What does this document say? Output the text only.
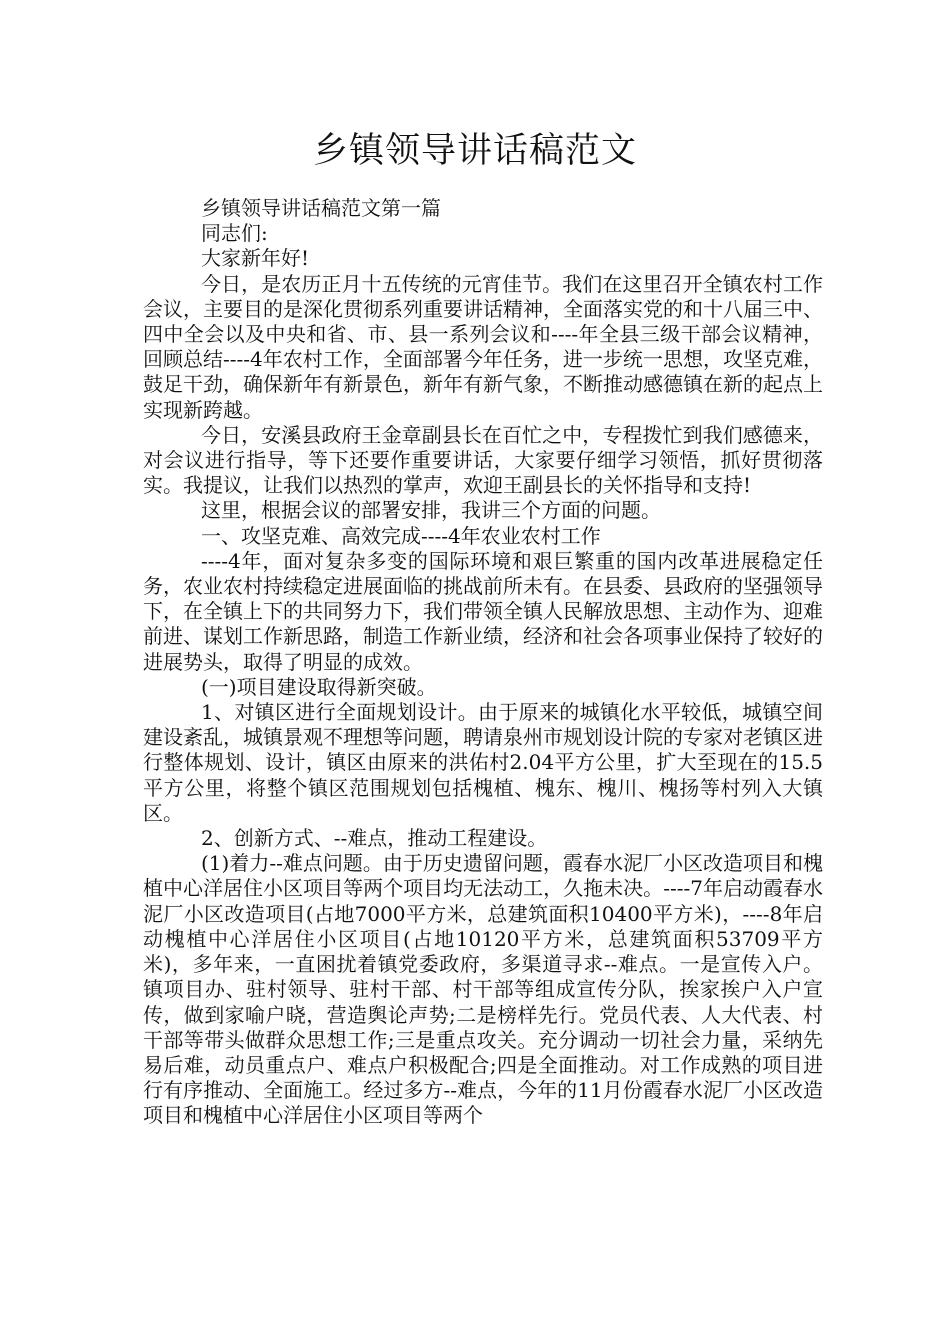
乡镇领导讲话稿范文

乡镇领导讲话稿范文第一篇

同志们:

大家新年好!

今日，是农历正月十五传统的元宵佳节。我们在这里召开全镇农村工作会议，主要目的是深化贯彻系列重要讲话精神，全面落实党的和十八届三中、四中全会以及中央和省、市、县一系列会议和----年全县三级干部会议精神，回顾总结----4年农村工作，全面部署今年任务，进一步统一思想，攻坚克难，鼓足干劲，确保新年有新景色，新年有新气象，不断推动感德镇在新的起点上实现新跨越。

今日，安溪县政府王金章副县长在百忙之中，专程拨忙到我们感德来，对会议进行指导，等下还要作重要讲话，大家要仔细学习领悟，抓好贯彻落实。我提议，让我们以热烈的掌声，欢迎王副县长的关怀指导和支持!

这里，根据会议的部署安排，我讲三个方面的问题。

一、攻坚克难、高效完成----4年农业农村工作

----4年，面对复杂多变的国际环境和艰巨繁重的国内改革进展稳定任务，农业农村持续稳定进展面临的挑战前所未有。在县委、县政府的坚强领导下，在全镇上下的共同努力下，我们带领全镇人民解放思想、主动作为、迎难前进、谋划工作新思路，制造工作新业绩，经济和社会各项事业保持了较好的进展势头，取得了明显的成效。

(一)项目建设取得新突破。

1、对镇区进行全面规划设计。由于原来的城镇化水平较低，城镇空间建设紊乱，城镇景观不理想等问题，聘请泉州市规划设计院的专家对老镇区进行整体规划、设计，镇区由原来的洪佑村2.04平方公里，扩大至现在的15.5平方公里，将整个镇区范围规划包括槐植、槐东、槐川、槐扬等村列入大镇区。

2、创新方式、--难点，推动工程建设。

(1)着力--难点问题。由于历史遗留问题，霞春水泥厂小区改造项目和槐植中心洋居住小区项目等两个项目均无法动工，久拖未决。----7年启动霞春水泥厂小区改造项目(占地7000平方米，总建筑面积10400平方米)，----8年启动槐植中心洋居住小区项目(占地10120平方米，总建筑面积53709平方米)，多年来，一直困扰着镇党委政府，多渠道寻求--难点。一是宣传入户。镇项目办、驻村领导、驻村干部、村干部等组成宣传分队，挨家挨户入户宣传，做到家喻户晓，营造舆论声势;二是榜样先行。党员代表、人大代表、村干部等带头做群众思想工作;三是重点攻关。充分调动一切社会力量，采纳先易后难，动员重点户、难点户积极配合;四是全面推动。对工作成熟的项目进行有序推动、全面施工。经过多方--难点，今年的11月份霞春水泥厂小区改造项目和槐植中心洋居住小区项目等两个
